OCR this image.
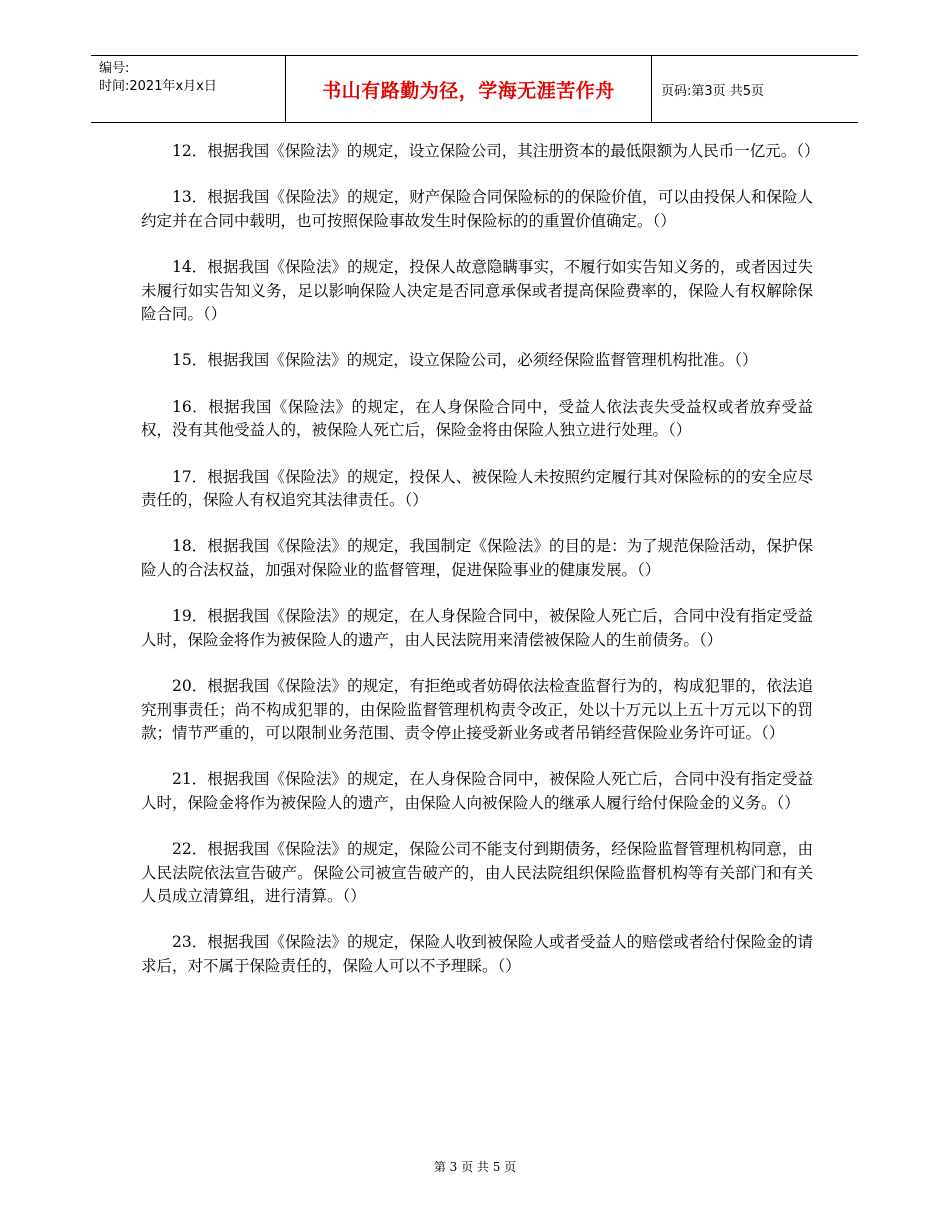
编号:
时间:2021年x月x日	书山有路勤为径，学海无涯苦作舟	页码:第3页 共5页

12．根据我国《保险法》的规定，设立保险公司，其注册资本的最低限额为人民币一亿元。（）

13．根据我国《保险法》的规定，财产保险合同保险标的的保险价值，可以由投保人和保险人约定并在合同中载明，也可按照保险事故发生时保险标的的重置价值确定。（）

14．根据我国《保险法》的规定，投保人故意隐瞒事实，不履行如实告知义务的，或者因过失未履行如实告知义务，足以影响保险人决定是否同意承保或者提高保险费率的，保险人有权解除保险合同。（）

15．根据我国《保险法》的规定，设立保险公司，必须经保险监督管理机构批准。（）

16．根据我国《保险法》的规定，在人身保险合同中，受益人依法丧失受益权或者放弃受益权，没有其他受益人的，被保险人死亡后，保险金将由保险人独立进行处理。（）

17．根据我国《保险法》的规定，投保人、被保险人未按照约定履行其对保险标的的安全应尽责任的，保险人有权追究其法律责任。（）

18．根据我国《保险法》的规定，我国制定《保险法》的目的是：为了规范保险活动，保护保险人的合法权益，加强对保险业的监督管理，促进保险事业的健康发展。（）

19．根据我国《保险法》的规定，在人身保险合同中，被保险人死亡后，合同中没有指定受益人时，保险金将作为被保险人的遗产，由人民法院用来清偿被保险人的生前债务。（）

20．根据我国《保险法》的规定，有拒绝或者妨碍依法检查监督行为的，构成犯罪的，依法追究刑事责任；尚不构成犯罪的，由保险监督管理机构责令改正，处以十万元以上五十万元以下的罚款；情节严重的，可以限制业务范围、责令停止接受新业务或者吊销经营保险业务许可证。（）

21．根据我国《保险法》的规定，在人身保险合同中，被保险人死亡后，合同中没有指定受益人时，保险金将作为被保险人的遗产，由保险人向被保险人的继承人履行给付保险金的义务。（）

22．根据我国《保险法》的规定，保险公司不能支付到期债务，经保险监督管理机构同意，由人民法院依法宣告破产。保险公司被宣告破产的，由人民法院组织保险监督机构等有关部门和有关人员成立清算组，进行清算。（）

23．根据我国《保险法》的规定，保险人收到被保险人或者受益人的赔偿或者给付保险金的请求后，对不属于保险责任的，保险人可以不予理睬。（）

第 3 页 共 5 页
